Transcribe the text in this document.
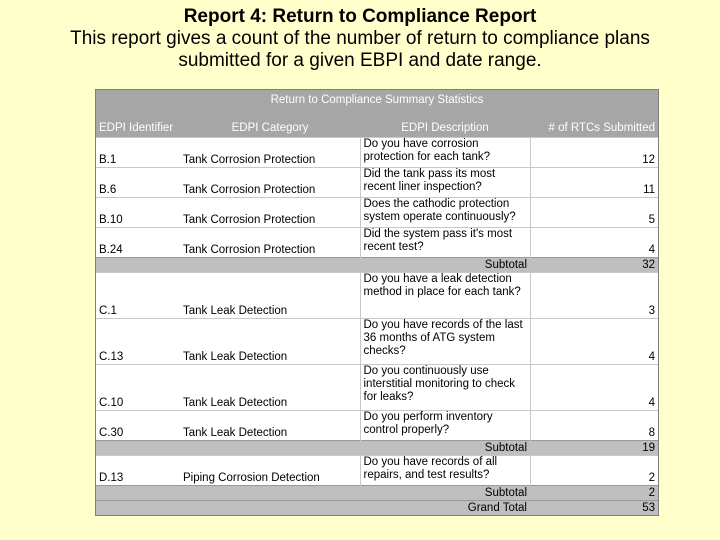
Report 4: Return to Compliance Report
This report gives a count of the number of return to compliance plans
submitted for a given EBPI and date range.
Return to Compliance Summary Statistics			
EDPI Identifier	EDPI Category	EDPI Description	# of RTCs Submitted
B.1	Tank Corrosion Protection	Do you have corrosion protection for each tank?	12
B.6	Tank Corrosion Protection	Did the tank pass its most recent liner inspection?	11
B.10	Tank Corrosion Protection	Does the cathodic protection system operate continuously?	5
B.24	Tank Corrosion Protection	Did the system pass it's most recent test?	4
Subtotal			32
C.1	Tank Leak Detection	Do you have a leak detection method in place for each tank?	3
C.13	Tank Leak Detection	Do you have records of the last 36 months of ATG system checks?	4
C.10	Tank Leak Detection	Do you continuously use interstitial monitoring to check for leaks?	4
C.30	Tank Leak Detection	Do you perform inventory control properly?	8
Subtotal			19
D.13	Piping Corrosion Detection	Do you have records of all repairs, and test results?	2
Subtotal			2
Grand Total			53
